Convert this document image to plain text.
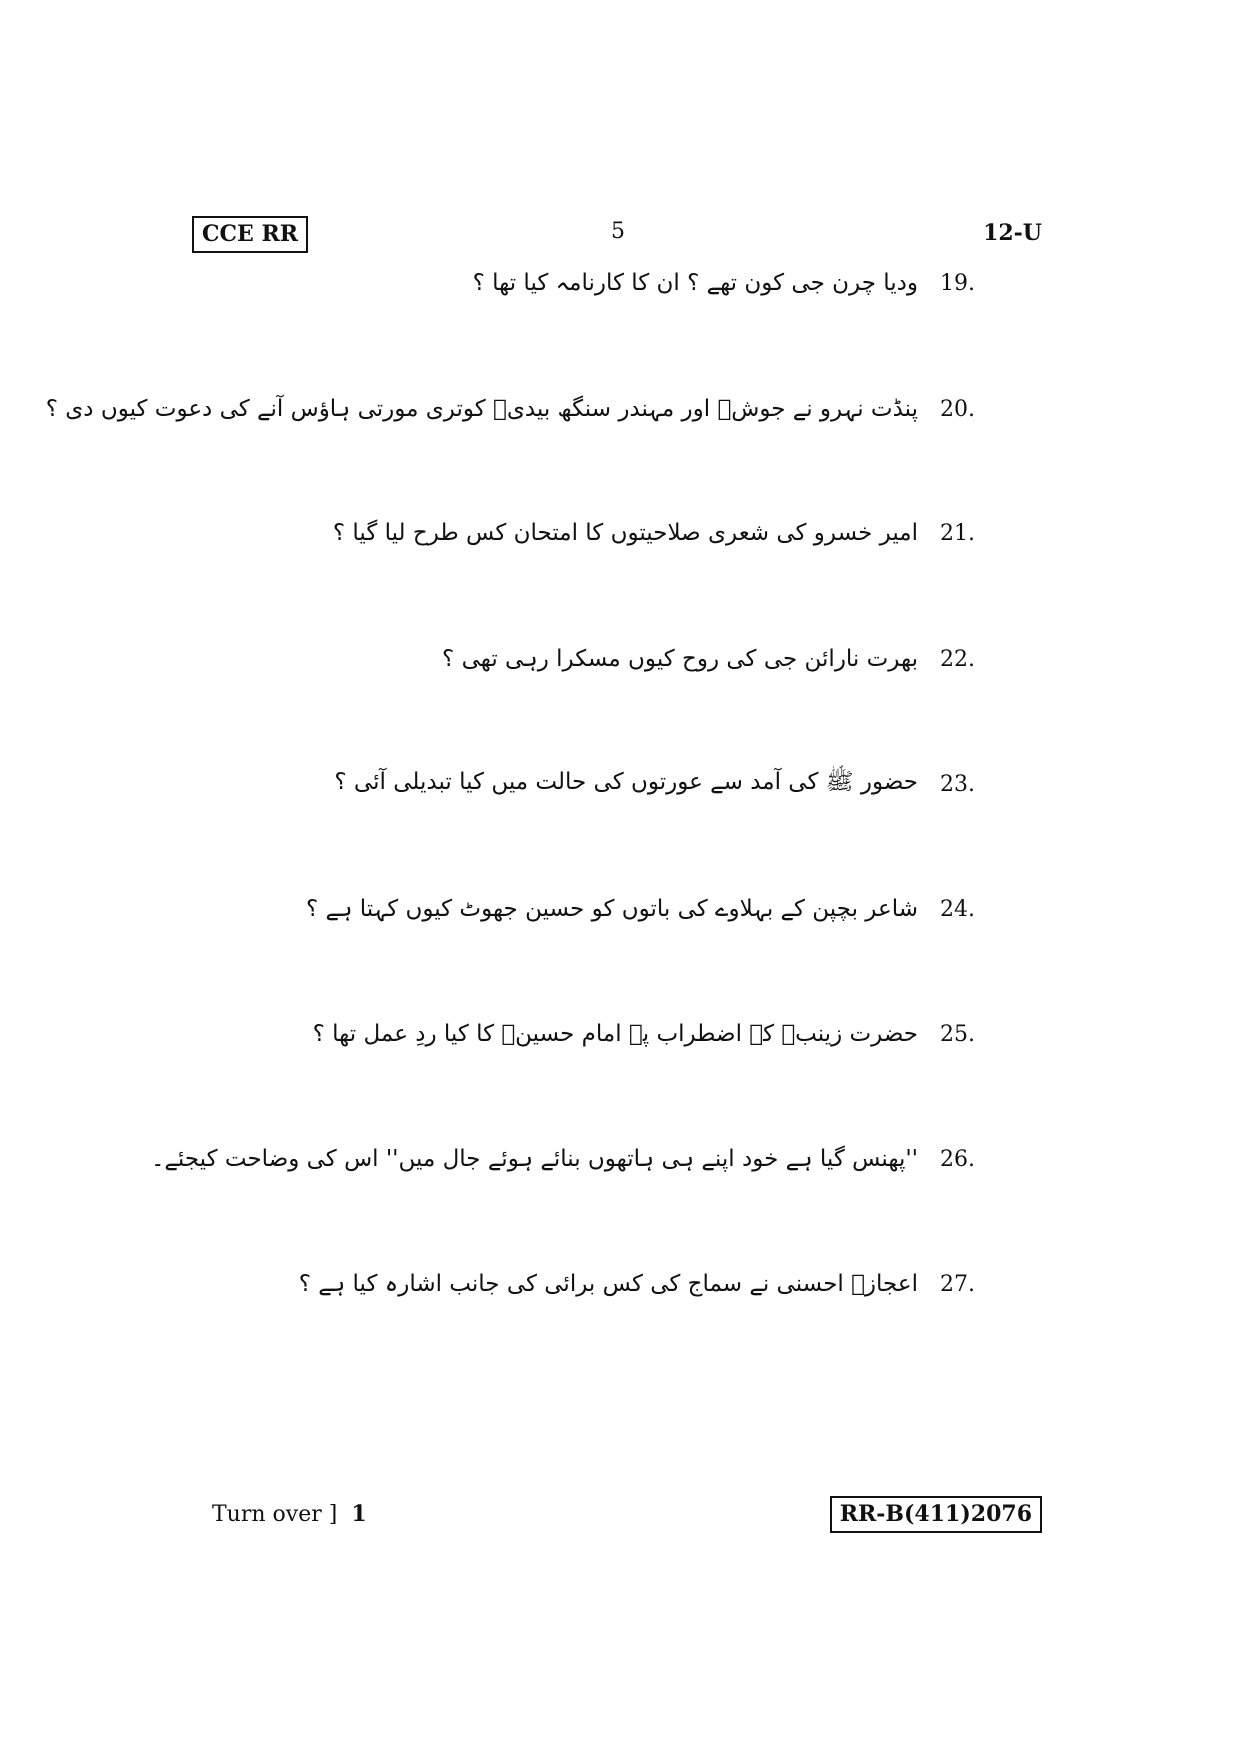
CCE RR	5	12-U
19.
ودیا چرن جی کون تھے ؟ ان کا کارنامہ کیا تھا ؟
20.
پنڈت نہرو نے جوشؔ اور مہندر سنگھ بیدیؔ کوتری مورتی ہاؤس آنے کی دعوت کیوں دی ؟
21.
امیر خسرو کی شعری صلاحیتوں کا امتحان کس طرح لیا گیا ؟
22.
بھرت نارائن جی کی روح کیوں مسکرا رہی تھی ؟
23.
حضور ﷺ کی آمد سے عورتوں کی حالت میں کیا تبدیلی آئی ؟
24.
شاعر بچپن کے بہلاوے کی باتوں کو حسین جھوٹ کیوں کہتا ہے ؟
25.
حضرت زینبؓ کے اضطراب پہ امام حسینؓ کا کیا ردِ عمل تھا ؟
26.
''پھنس گیا ہے خود اپنے ہی ہاتھوں بنائے ہوئے جال میں'' اس کی وضاحت کیجئے۔
27.
اعجازؔ احسنی نے سماج کی کس برائی کی جانب اشارہ کیا ہے ؟
Turn over ] 1	RR-B(411)2076
